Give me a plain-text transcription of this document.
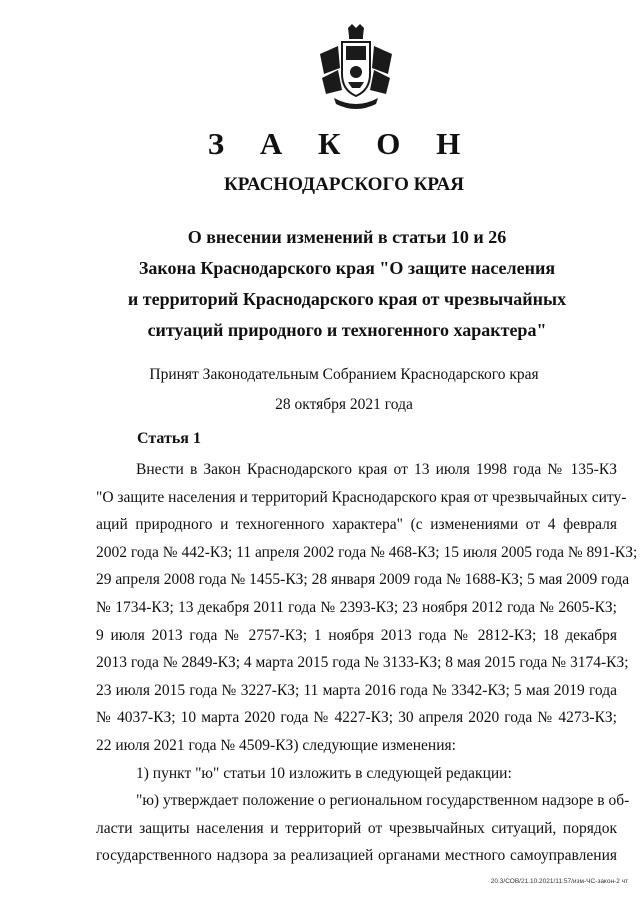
З А К О Н
КРАСНОДАРСКОГО КРАЯ
О внесении изменений в статьи 10 и 26
Закона Краснодарского края "О защите населения
и территорий Краснодарского края от чрезвычайных
ситуаций природного и техногенного характера"
Принят Законодательным Собранием Краснодарского края
28 октября 2021 года
Статья 1
Внести в Закон Краснодарского края от 13 июля 1998 года № 135-КЗ
"О защите населения и территорий Краснодарского края от чрезвычайных ситу-
аций природного и техногенного характера" (с изменениями от 4 февраля
2002 года № 442-КЗ; 11 апреля 2002 года № 468-КЗ; 15 июля 2005 года № 891-КЗ;
29 апреля 2008 года № 1455-КЗ; 28 января 2009 года № 1688-КЗ; 5 мая 2009 года
№ 1734-КЗ; 13 декабря 2011 года № 2393-КЗ; 23 ноября 2012 года № 2605-КЗ;
9 июля 2013 года № 2757-КЗ; 1 ноября 2013 года № 2812-КЗ; 18 декабря
2013 года № 2849-КЗ; 4 марта 2015 года № 3133-КЗ; 8 мая 2015 года № 3174-КЗ;
23 июля 2015 года № 3227-КЗ; 11 марта 2016 года № 3342-КЗ; 5 мая 2019 года
№ 4037-КЗ; 10 марта 2020 года № 4227-КЗ; 30 апреля 2020 года № 4273-КЗ;
22 июля 2021 года № 4509-КЗ) следующие изменения:
1) пункт "ю" статьи 10 изложить в следующей редакции:
"ю) утверждает положение о региональном государственном надзоре в об-
ласти защиты населения и территорий от чрезвычайных ситуаций, порядок
государственного надзора за реализацией органами местного самоуправления
20.3/СОВ/21.10.2021/11:57/изм-ЧС-закон-2 чт
